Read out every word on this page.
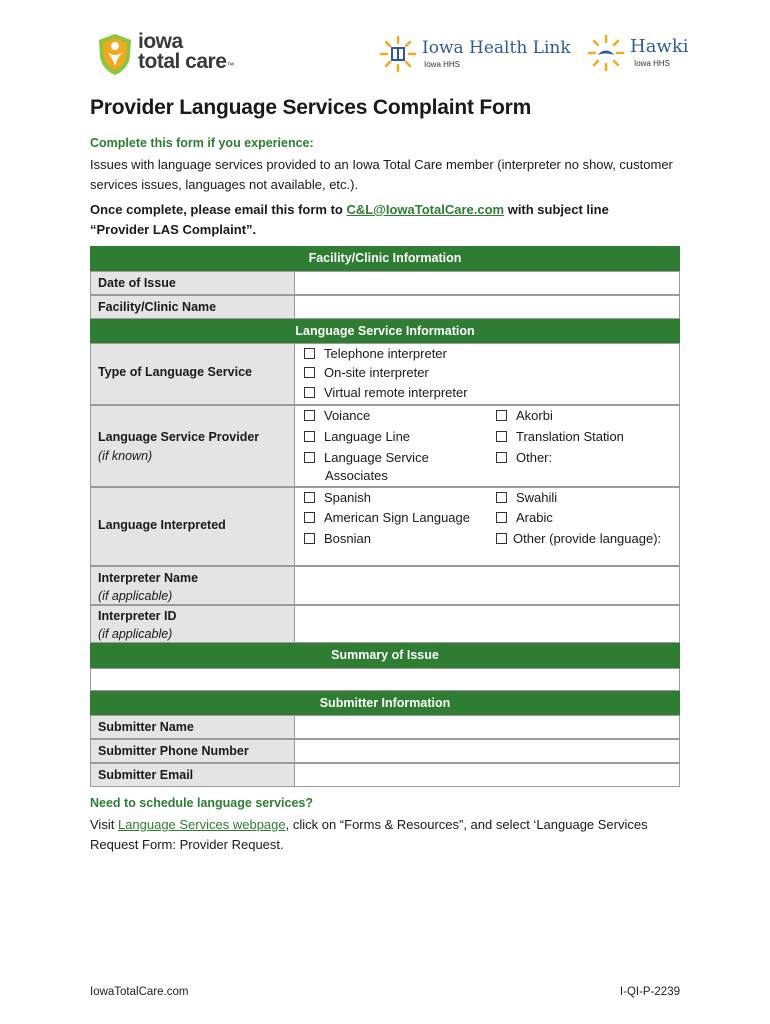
iowa
total care™
Iowa Health Link
Iowa HHS
Hawki
Iowa HHS
Provider Language Services Complaint Form
Complete this form if you experience:
Issues with language services provided to an Iowa Total Care member (interpreter no show, customer services issues, languages not available, etc.).
Once complete, please email this form to C&L@IowaTotalCare.com with subject line
“Provider LAS Complaint”.
Facility/Clinic Information
Date of Issue
Facility/Clinic Name
Language Service Information
Type of Language Service
Telephone interpreter
On-site interpreter
Virtual remote interpreter
Language Service Provider
(if known)
Voiance
Language Line
Language Service
Associates
Akorbi
Translation Station
Other:
Language Interpreted
Spanish
American Sign Language
Bosnian
Swahili
Arabic
Other (provide language):
Interpreter Name
(if applicable)
Interpreter ID
(if applicable)
Summary of Issue
Submitter Information
Submitter Name
Submitter Phone Number
Submitter Email
Need to schedule language services?
Visit Language Services webpage, click on “Forms & Resources”, and select ‘Language Services
Request Form: Provider Request.
IowaTotalCare.com	I-QI-P-2239
